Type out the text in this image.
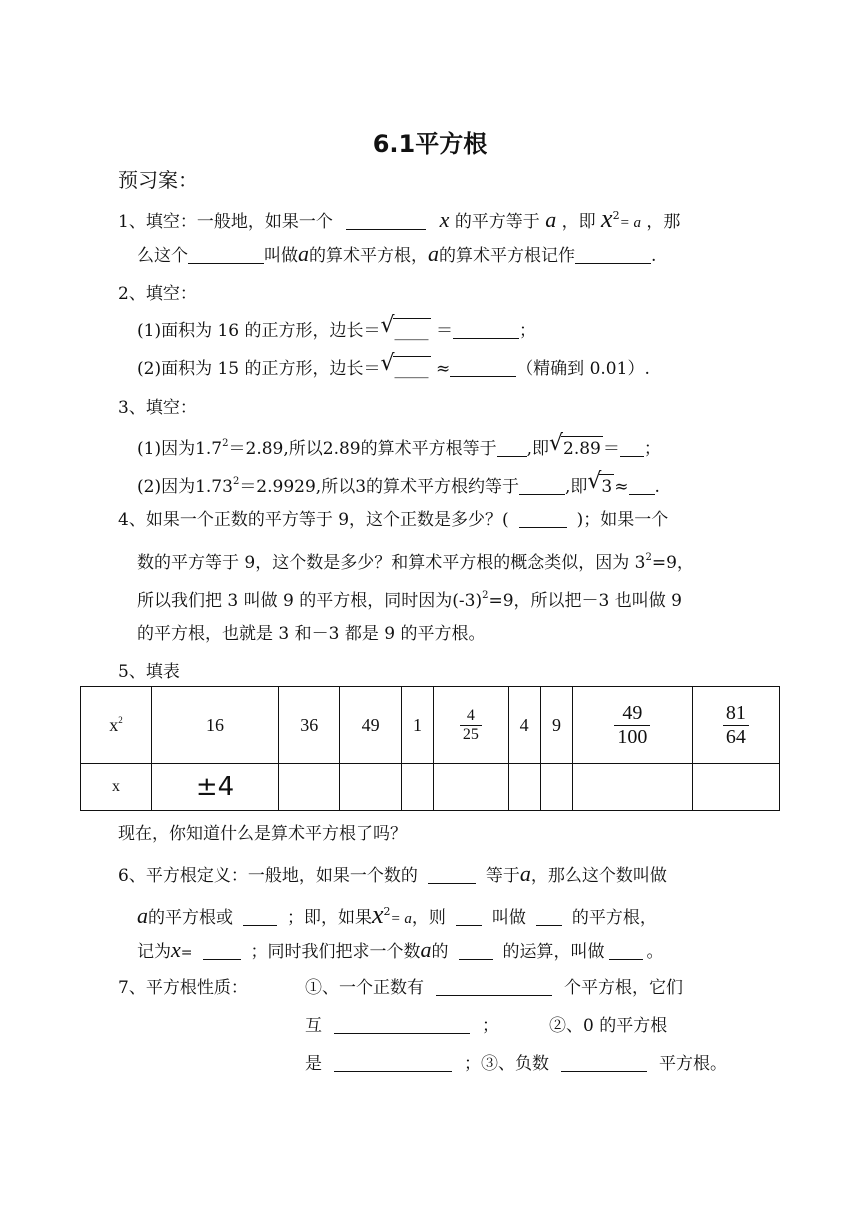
6.1平方根
预习案：
1、填空：一般地，如果一个	x 的平方等于 a ，即 $x^2= a$ ，那
么这个	叫做a的算术平方根，a的算术平方根记作	.
2、填空：
(1)面积为 16 的正方形，边长＝ √ ____ ＝	；
(2)面积为 15 的正方形，边长＝ √ ____ ≈	（精确到 0.01）.
3、填空：
(1)因为$1.7^2=2.89$,所以2.89的算术平方根等于 ,即 √ 2.89 ＝ ；
(2)因为$1.73^2=2.9929$,所以3的算术平方根约等于	,即 √ 3 ≈ .
4、如果一个正数的平方等于 9，这个正数是多少？(	)；如果一个
数的平方等于 9，这个数是多少？和算术平方根的概念类似，因为 $3^2=9$，
所以我们把 3 叫做 9 的平方根，同时因为$(-3)^2=9$，所以把－3 也叫做 9
的平方根，也就是 3 和－3 都是 9 的平方根。
5、填表
$x^2$	16	36	49	1	$\frac{4}{25}$	4	9	$\frac{49}{100}$	$\frac{81}{64}$

x	±4								
现在，你知道什么是算术平方根了吗？
6、平方根定义：一般地，如果一个数的	等于a，那么这个数叫做
a的平方根或	；即，如果$x^2= a$，则	叫做	的平方根，
记为x=	；同时我们把求一个数a的	的运算，叫做 。
7、平方根性质：	①、一个正数有	个平方根，它们
互	；	②、0 的平方根
是	；③、负数	平方根。
